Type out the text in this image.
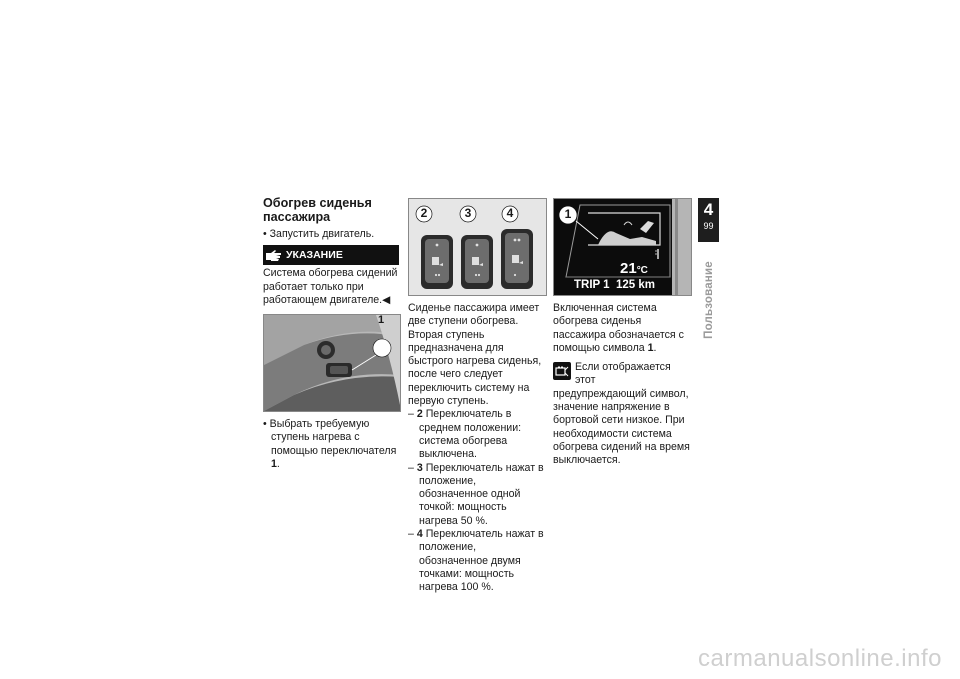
Обогрев сиденья пассажира

• Запустить двигатель.

УКАЗАНИЕ

Система обогрева сидений работает только при работающем двигателе.◀

1

• Выбрать требуемую ступень нагрева с помощью переключателя 1.

2	3	4

Сиденье пассажира имеет две ступени обогрева. Вторая ступень предназначена для быстрого нагрева сиденья, после чего следует переключить систему на первую ступень.

– 2 Переключатель в среднем положении: система обогрева выключена.

– 3 Переключатель нажат в положение, обозначенное одной точкой: мощность нагрева 50 %.

– 4 Переключатель нажат в положение, обозначенное двумя точками: мощность нагрева 100 %.

1
21°C
TRIP 1  125 km

Включенная система обогрева сиденья пассажира обозначается с помощью символа 1.

Если отображается этот предупреждающий символ, значение напряжение в бортовой сети низкое. При необходимости система обогрева сидений на время выключается.
4
99
Пользование
carmanualsonline.info
